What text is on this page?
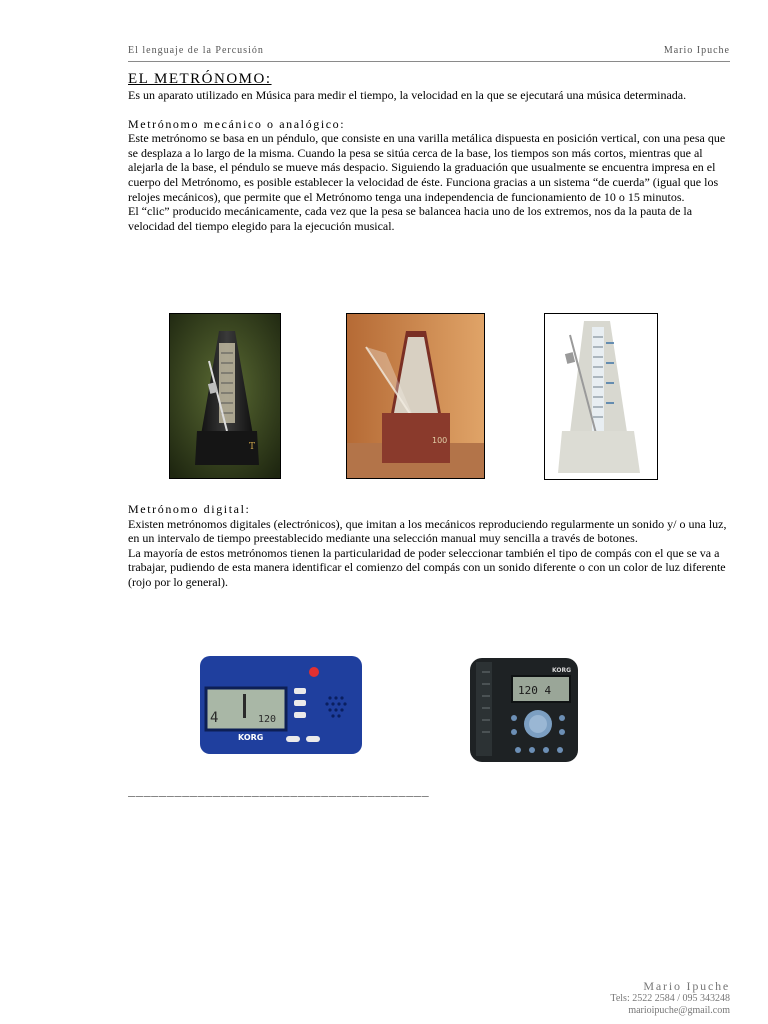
El lenguaje de la Percusión	Mario Ipuche
EL METRÓNOMO:

Es un aparato utilizado en Música para medir el tiempo, la velocidad en la que se ejecutará una música determinada.

Metrónomo mecánico o analógico:

Este metrónomo se basa en un péndulo, que consiste en una varilla metálica dispuesta en posición vertical, con una pesa que se desplaza a lo largo de la misma. Cuando la pesa se sitúa cerca de la base, los tiempos son más cortos, mientras que al alejarla de la base, el péndulo se mueve más despacio. Siguiendo la graduación que usualmente se encuentra impresa en el cuerpo del Metrónomo, es posible establecer la velocidad de éste. Funciona gracias a un sistema “de cuerda” (igual que los relojes mecánicos), que permite que el Metrónomo tenga una independencia de funcionamiento de 10 o 15 minutos.

El “clic” producido mecánicamente, cada vez que la pesa se balancea hacia uno de los extremos, nos da la pauta de la velocidad del tiempo elegido para la ejecución musical.

T
100
Metrónomo digital:

Existen metrónomos digitales (electrónicos), que imitan a los mecánicos reproduciendo regularmente un sonido y/ o una luz, en un intervalo de tiempo preestablecido mediante una selección manual muy sencilla a través de botones.

La mayoría de estos metrónomos tienen la particularidad de poder seleccionar también el tipo de compás con el que se va a trabajar, pudiendo de esta manera identificar el comienzo del compás con un sonido diferente o con un color de luz diferente (rojo por lo general).

4	120
KORG
KORG
120 4
_______________________________________
Mario Ipuche
Tels: 2522 2584 / 095 343248
marioipuche@gmail.com
